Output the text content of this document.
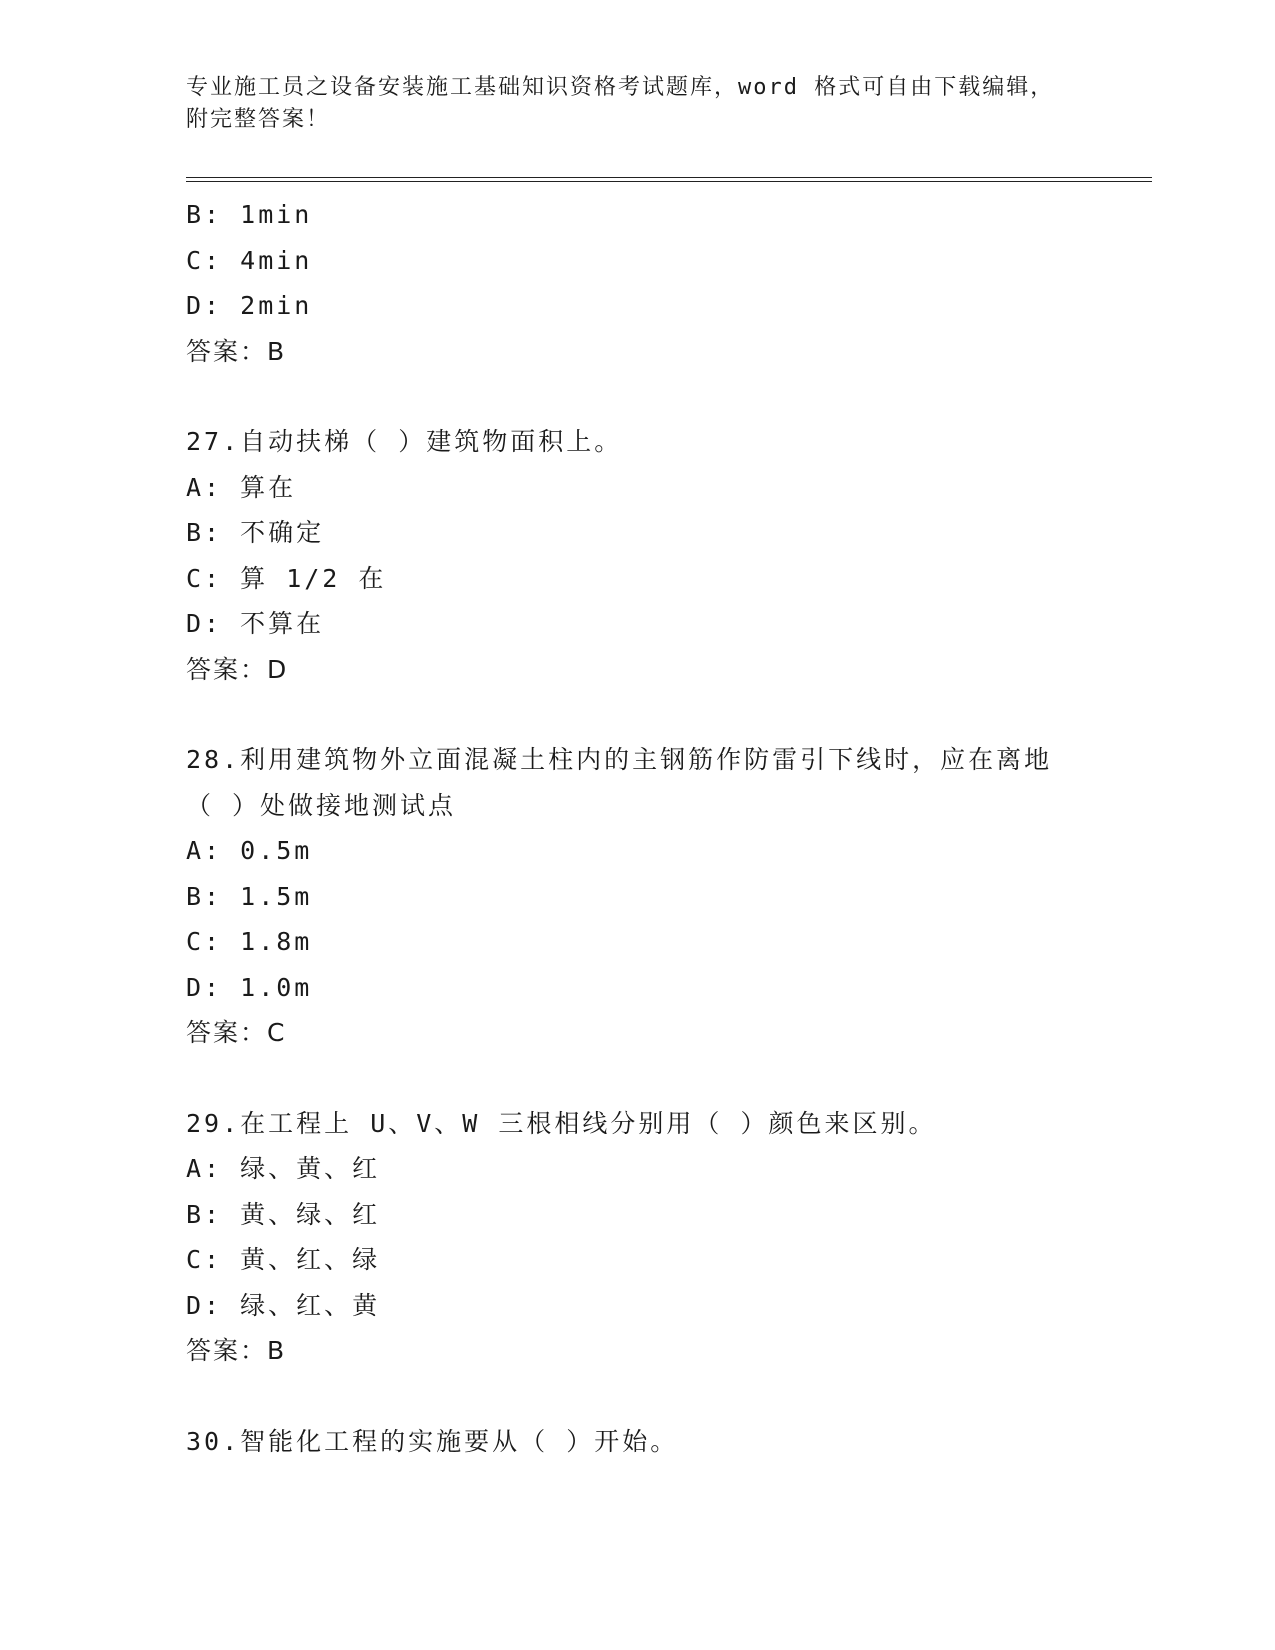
专业施工员之设备安装施工基础知识资格考试题库，word 格式可自由下载编辑，
附完整答案！
B: 1min
C: 4min
D: 2min
答案：B
27.自动扶梯（ ）建筑物面积上。
A: 算在
B: 不确定
C: 算 1/2 在
D: 不算在
答案：D
28.利用建筑物外立面混凝土柱内的主钢筋作防雷引下线时，应在离地
（ ）处做接地测试点
A: 0.5m
B: 1.5m
C: 1.8m
D: 1.0m
答案：C
29.在工程上 U、V、W 三根相线分别用（ ）颜色来区别。
A: 绿、黄、红
B: 黄、绿、红
C: 黄、红、绿
D: 绿、红、黄
答案：B
30.智能化工程的实施要从（ ）开始。
